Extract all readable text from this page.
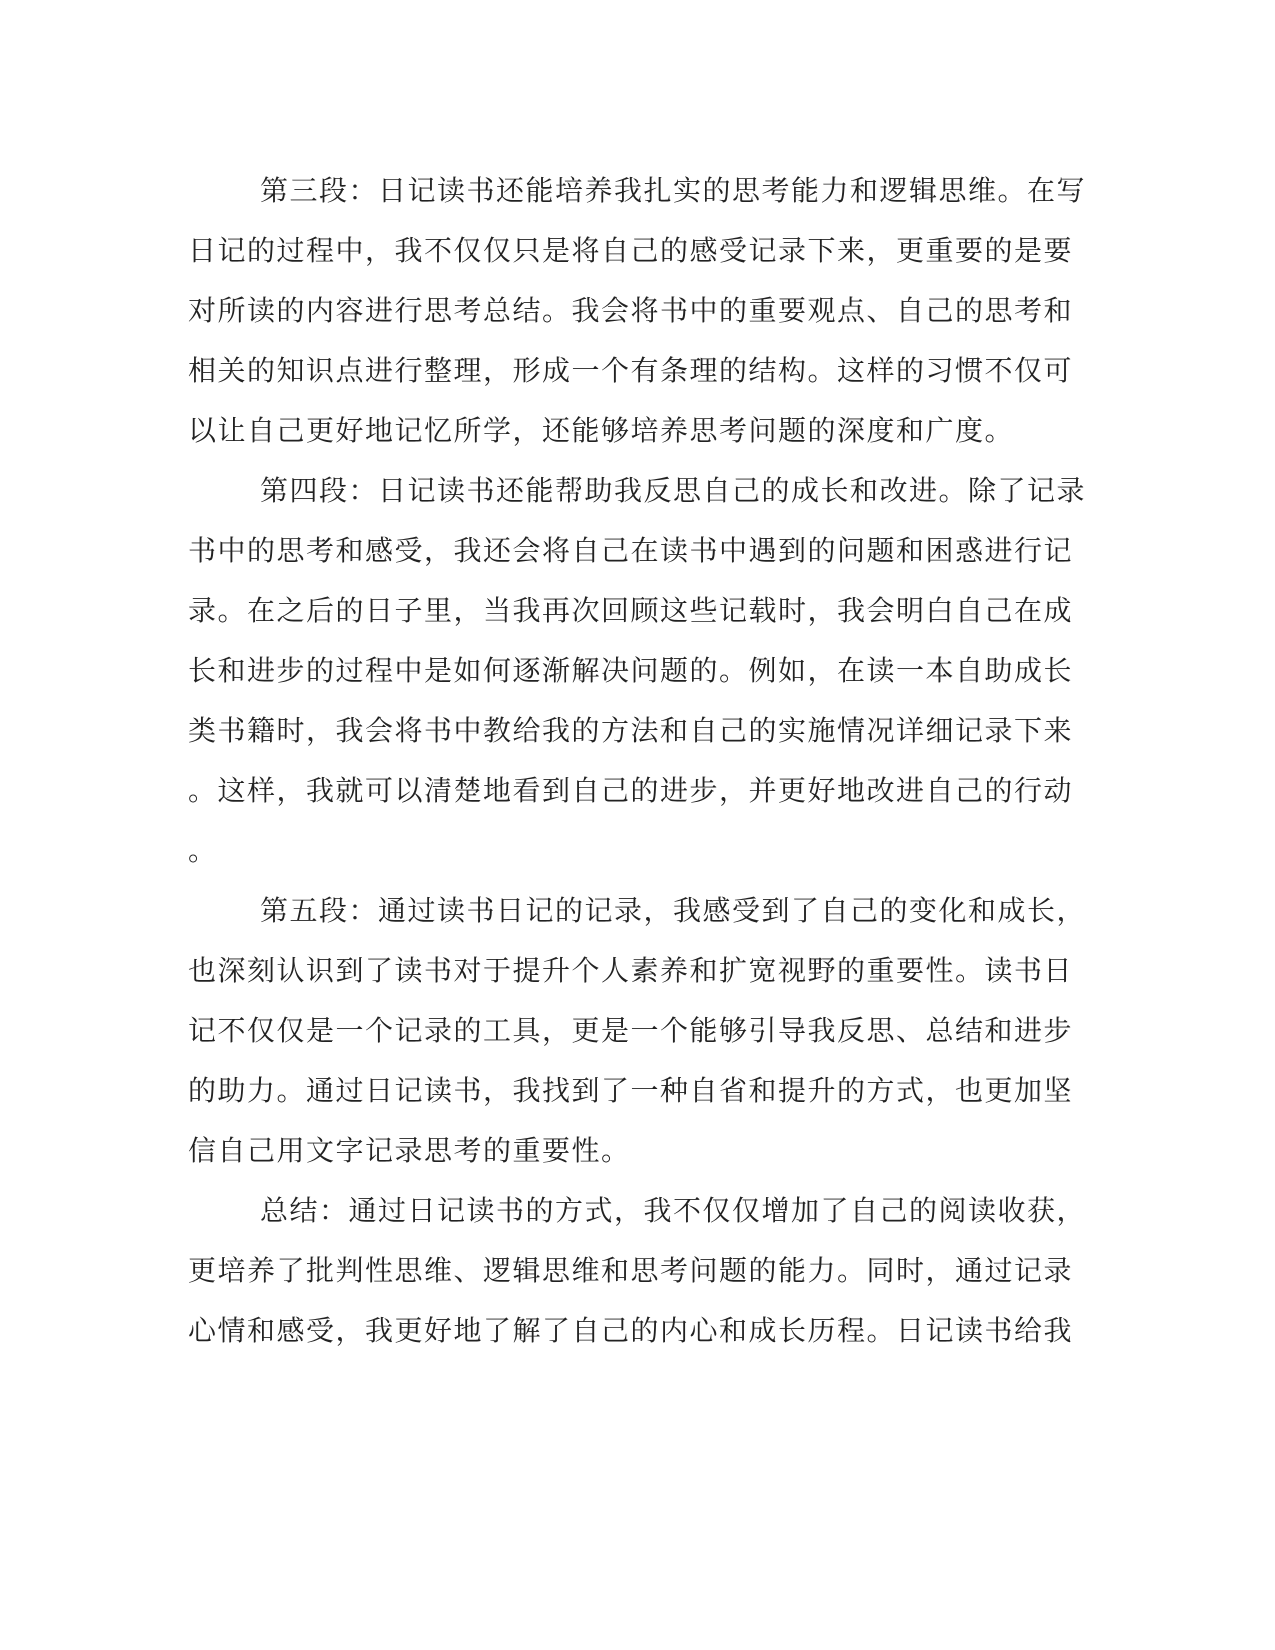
第三段：日记读书还能培养我扎实的思考能力和逻辑思维。在写
日记的过程中，我不仅仅只是将自己的感受记录下来，更重要的是要
对所读的内容进行思考总结。我会将书中的重要观点、自己的思考和
相关的知识点进行整理，形成一个有条理的结构。这样的习惯不仅可
以让自己更好地记忆所学，还能够培养思考问题的深度和广度。
第四段：日记读书还能帮助我反思自己的成长和改进。除了记录
书中的思考和感受，我还会将自己在读书中遇到的问题和困惑进行记
录。在之后的日子里，当我再次回顾这些记载时，我会明白自己在成
长和进步的过程中是如何逐渐解决问题的。例如，在读一本自助成长
类书籍时，我会将书中教给我的方法和自己的实施情况详细记录下来
。这样，我就可以清楚地看到自己的进步，并更好地改进自己的行动
。
第五段：通过读书日记的记录，我感受到了自己的变化和成长，
也深刻认识到了读书对于提升个人素养和扩宽视野的重要性。读书日
记不仅仅是一个记录的工具，更是一个能够引导我反思、总结和进步
的助力。通过日记读书，我找到了一种自省和提升的方式，也更加坚
信自己用文字记录思考的重要性。
总结：通过日记读书的方式，我不仅仅增加了自己的阅读收获，
更培养了批判性思维、逻辑思维和思考问题的能力。同时，通过记录
心情和感受，我更好地了解了自己的内心和成长历程。日记读书给我
